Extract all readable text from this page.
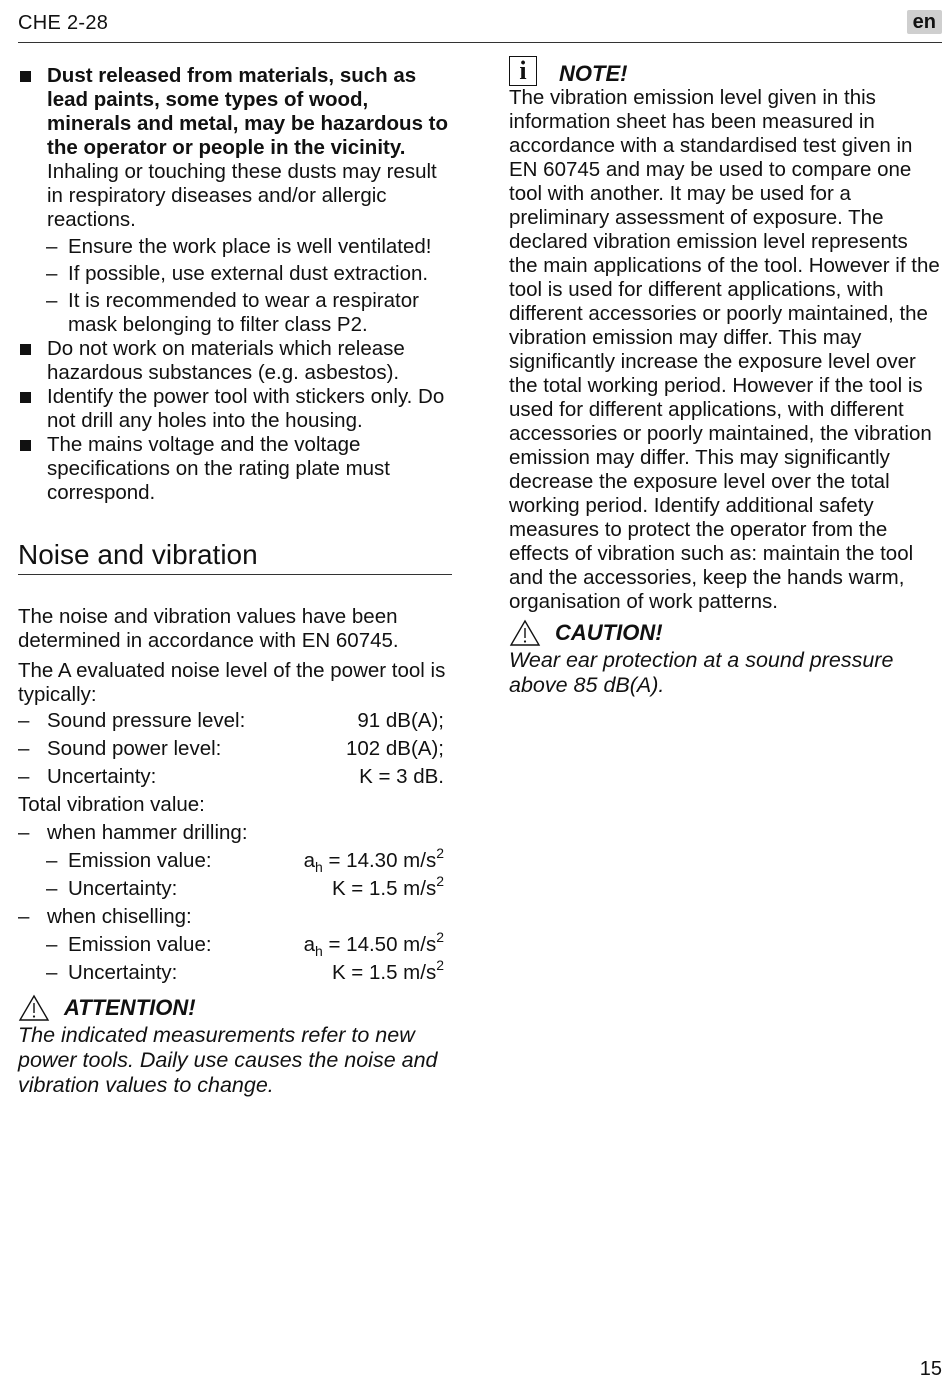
CHE 2-28	en
Dust released from materials, such as lead paints, some types of wood, minerals and metal, may be hazardous to the operator or people in the vicinity. Inhaling or touching these dusts may result in respiratory diseases and/or allergic reactions.
– Ensure the work place is well ventilated!
– If possible, use external dust extraction.
– It is recommended to wear a respirator mask belonging to filter class P2.
Do not work on materials which release hazardous substances (e.g. asbestos).
Identify the power tool with stickers only. Do not drill any holes into the housing.
The mains voltage and the voltage specifications on the rating plate must correspond.
Noise and vibration

The noise and vibration values have been determined in accordance with EN 60745.

The A evaluated noise level of the power tool is typically:

– Sound pressure level:	91 dB(A);
– Sound power level:	102 dB(A);
– Uncertainty:	K = 3 dB.

Total vibration value:

– when hammer drilling:
– Emission value:	$a_h = 14.30$ $m/s^2$
– Uncertainty:	K = 1.5 $m/s^2$
– when chiselling:
– Emission value:	$a_h = 14.50$ $m/s^2$
– Uncertainty:	K = 1.5 $m/s^2$
ATTENTION!

The indicated measurements refer to new power tools. Daily use causes the noise and vibration values to change.

i	NOTE!

The vibration emission level given in this information sheet has been measured in accordance with a standardised test given in EN 60745 and may be used to compare one tool with another. It may be used for a preliminary assessment of exposure. The declared vibration emission level represents the main applications of the tool. However if the tool is used for different applications, with different accessories or poorly maintained, the vibration emission may differ. This may significantly increase the exposure level over the total working period. However if the tool is used for different applications, with different accessories or poorly maintained, the vibration emission may differ. This may significantly decrease the exposure level over the total working period. Identify additional safety measures to protect the operator from the effects of vibration such as: maintain the tool and the accessories, keep the hands warm, organisation of work patterns.

CAUTION!

Wear ear protection at a sound pressure above 85 dB(A).

15
